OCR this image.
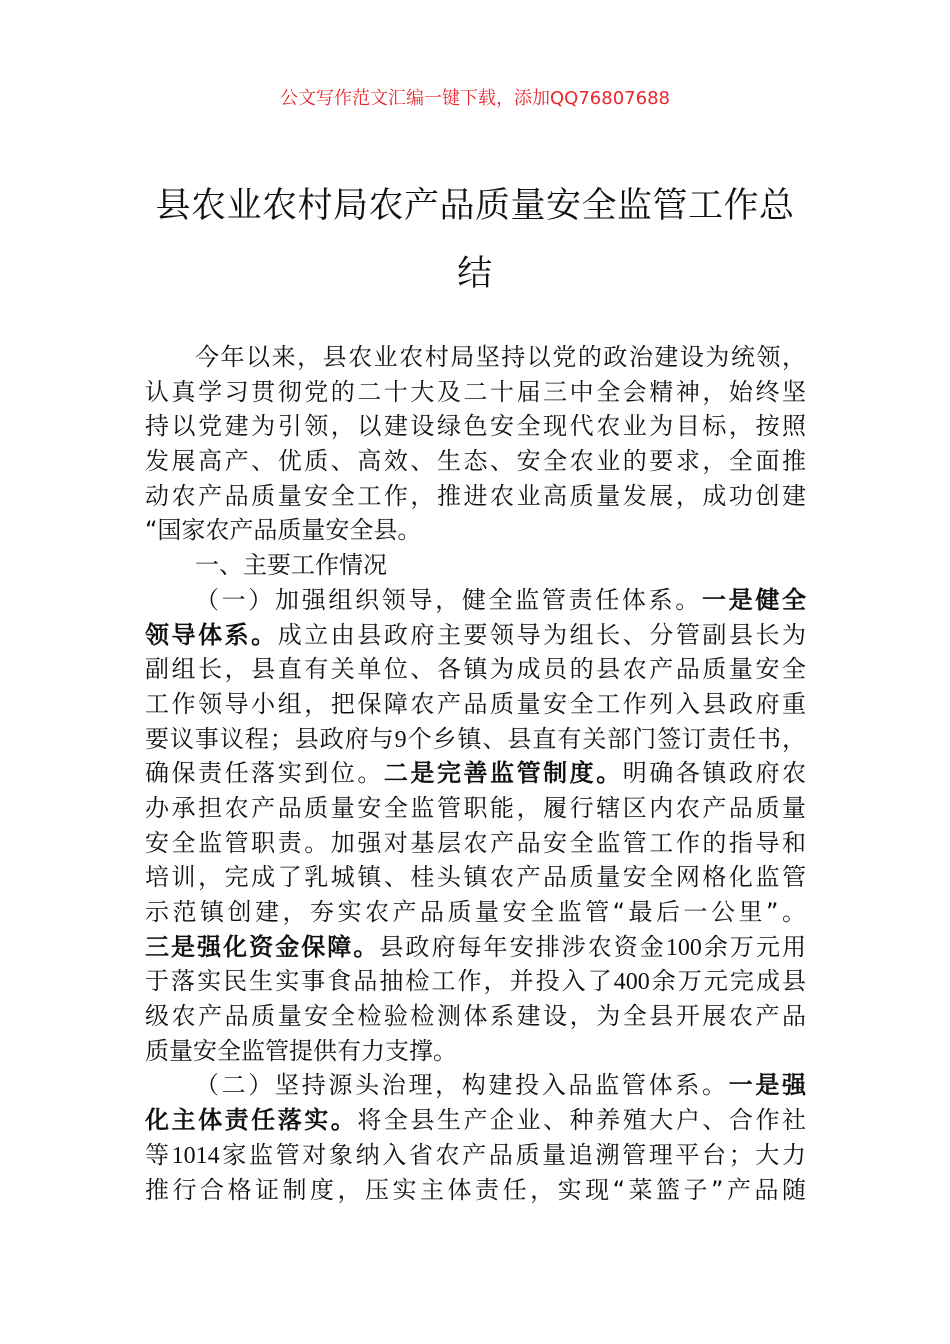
公文写作范文汇编一键下载，添加QQ76807688
县农业农村局农产品质量安全监管工作总
结
今年以来，县农业农村局坚持以党的政治建设为统领，
认真学习贯彻党的二十大及二十届三中全会精神，始终坚
持以党建为引领，以建设绿色安全现代农业为目标，按照
发展高产、优质、高效、生态、安全农业的要求，全面推
动农产品质量安全工作，推进农业高质量发展，成功创建
“国家农产品质量安全县。
一、主要工作情况
（一）加强组织领导，健全监管责任体系。一是健全
领导体系。成立由县政府主要领导为组长、分管副县长为
副组长，县直有关单位、各镇为成员的县农产品质量安全
工作领导小组，把保障农产品质量安全工作列入县政府重
要议事议程；县政府与9个乡镇、县直有关部门签订责任书，
确保责任落实到位。二是完善监管制度。明确各镇政府农
办承担农产品质量安全监管职能，履行辖区内农产品质量
安全监管职责。加强对基层农产品安全监管工作的指导和
培训，完成了乳城镇、桂头镇农产品质量安全网格化监管
示范镇创建，夯实农产品质量安全监管“最后一公里”。
三是强化资金保障。县政府每年安排涉农资金100余万元用
于落实民生实事食品抽检工作，并投入了400余万元完成县
级农产品质量安全检验检测体系建设，为全县开展农产品
质量安全监管提供有力支撑。
（二）坚持源头治理，构建投入品监管体系。一是强
化主体责任落实。将全县生产企业、种养殖大户、合作社
等1014家监管对象纳入省农产品质量追溯管理平台；大力
推行合格证制度，压实主体责任，实现“菜篮子”产品随
